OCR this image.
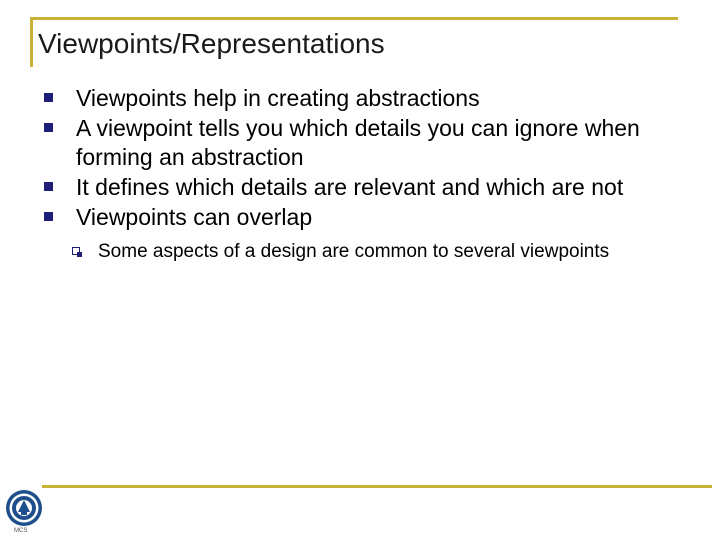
Viewpoints/Representations
Viewpoints help in creating abstractions
A viewpoint tells you which details you can ignore when forming an abstraction
It defines which details are relevant and which are not
Viewpoints can overlap
Some aspects of a design are common to several viewpoints
MCS
